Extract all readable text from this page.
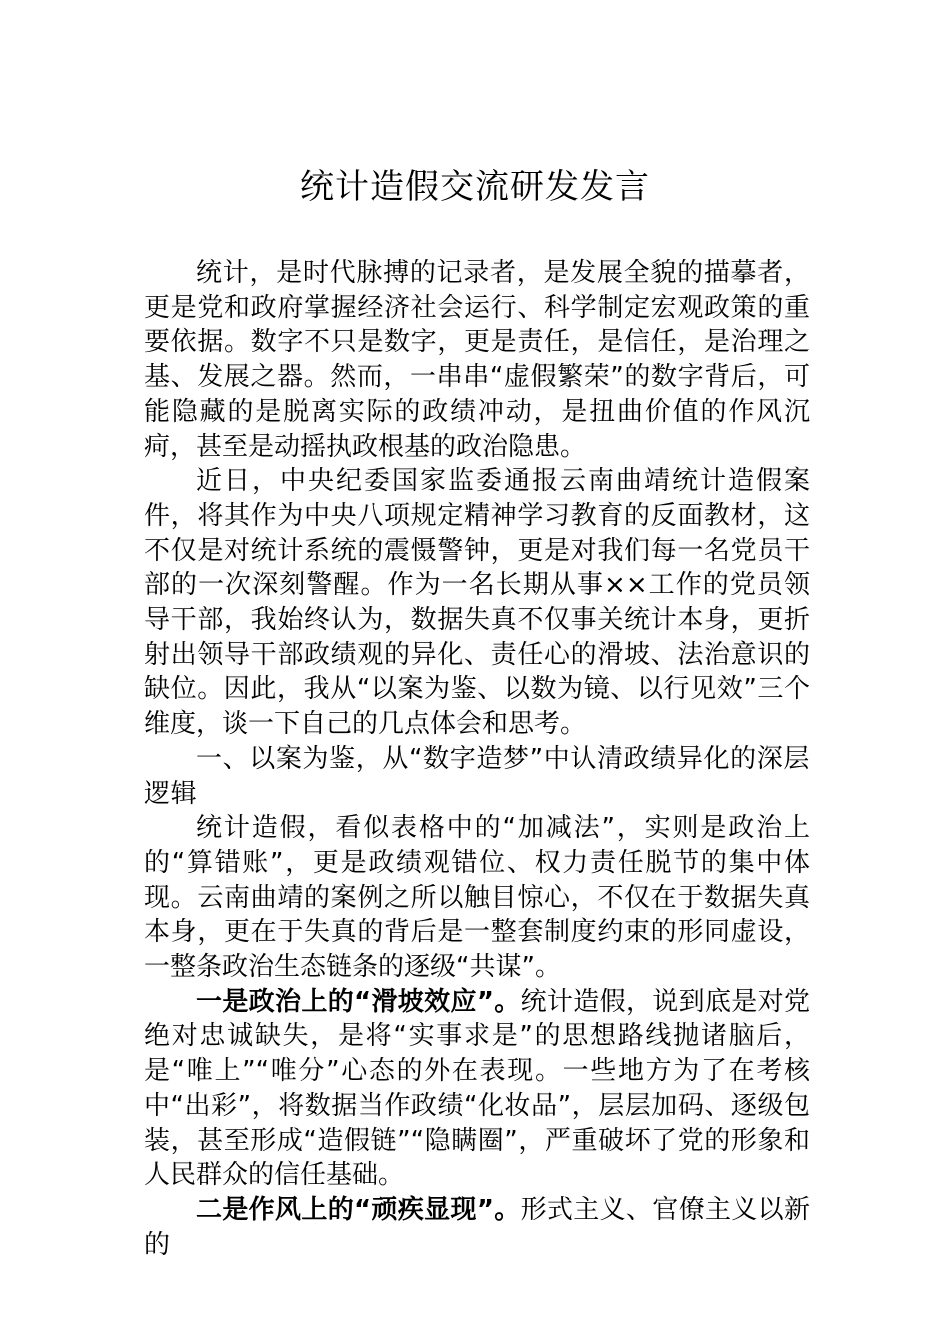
统计造假交流研发发言

统计，是时代脉搏的记录者，是发展全貌的描摹者，更是党和政府掌握经济社会运行、科学制定宏观政策的重要依据。数字不只是数字，更是责任，是信任，是治理之基、发展之器。然而，一串串“虚假繁荣”的数字背后，可能隐藏的是脱离实际的政绩冲动，是扭曲价值的作风沉疴，甚至是动摇执政根基的政治隐患。

近日，中央纪委国家监委通报云南曲靖统计造假案件，将其作为中央八项规定精神学习教育的反面教材，这不仅是对统计系统的震慑警钟，更是对我们每一名党员干部的一次深刻警醒。作为一名长期从事××工作的党员领导干部，我始终认为，数据失真不仅事关统计本身，更折射出领导干部政绩观的异化、责任心的滑坡、法治意识的缺位。因此，我从“以案为鉴、以数为镜、以行见效”三个维度，谈一下自己的几点体会和思考。

一、以案为鉴，从“数字造梦”中认清政绩异化的深层逻辑

统计造假，看似表格中的“加减法”，实则是政治上的“算错账”，更是政绩观错位、权力责任脱节的集中体现。云南曲靖的案例之所以触目惊心，不仅在于数据失真本身，更在于失真的背后是一整套制度约束的形同虚设，一整条政治生态链条的逐级“共谋”。

一是政治上的“滑坡效应”。统计造假，说到底是对党绝对忠诚缺失，是将“实事求是”的思想路线抛诸脑后，是“唯上”“唯分”心态的外在表现。一些地方为了在考核中“出彩”，将数据当作政绩“化妆品”，层层加码、逐级包装，甚至形成“造假链”“隐瞒圈”，严重破坏了党的形象和人民群众的信任基础。

二是作风上的“顽疾显现”。形式主义、官僚主义以新的
